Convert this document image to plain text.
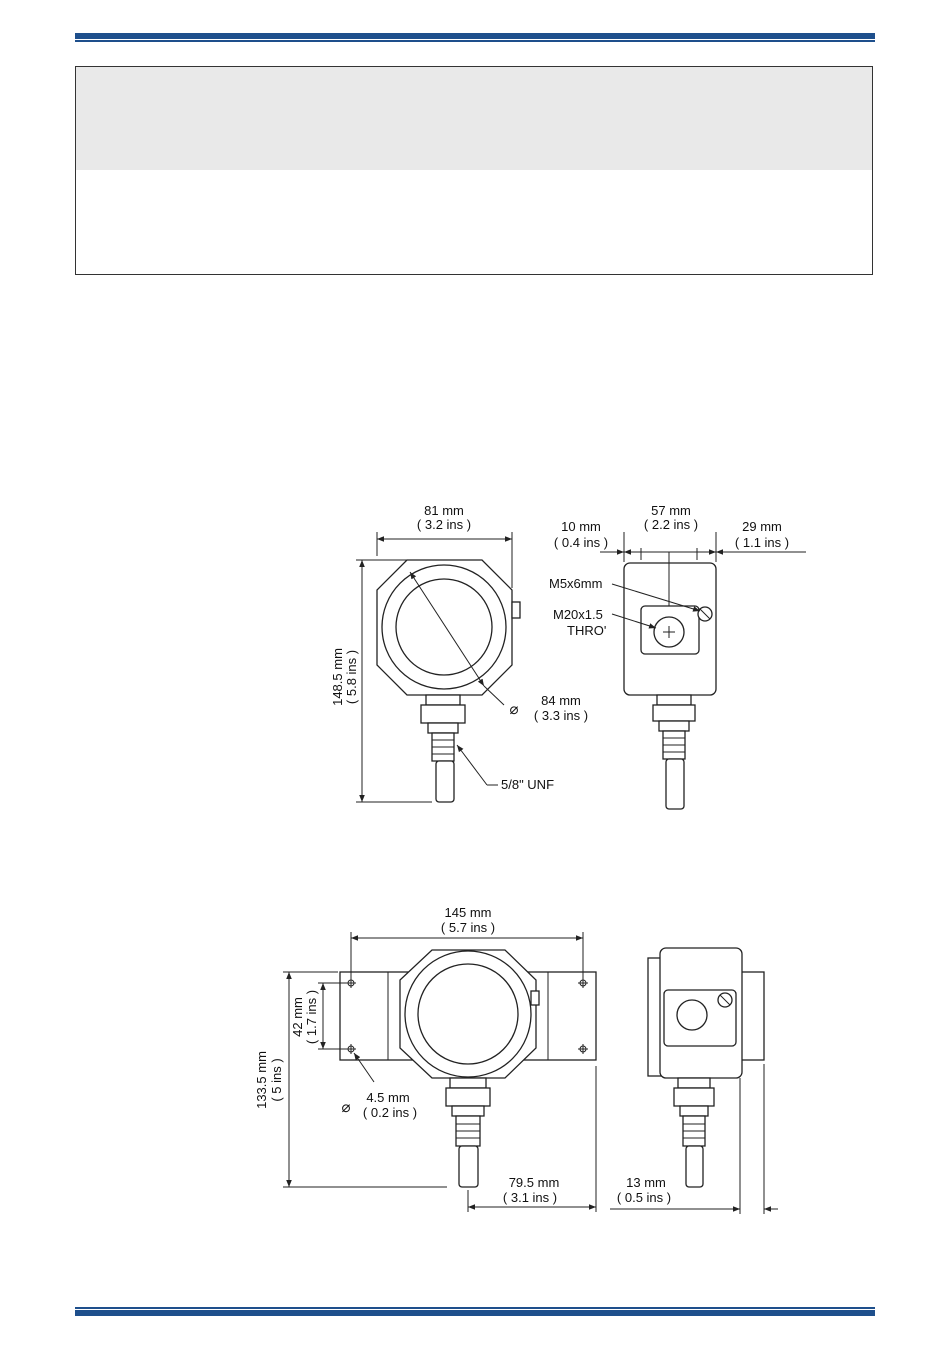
81 mm
( 3.2 ins )
148.5 mm ( 5.8 ins )
⌀
84 mm
( 3.3 ins )
5/8" UNF
10 mm
( 0.4 ins )
57 mm
( 2.2 ins )	29 mm
( 1.1 ins )
M5x6mm
M20x1.5
THRO'
145 mm
( 5.7 ins )
42 mm ( 1.7 ins )
133.5 mm ( 5 ins )
⌀
4.5 mm
( 0.2 ins )
79.5 mm
( 3.1 ins )
13 mm
( 0.5 ins )
